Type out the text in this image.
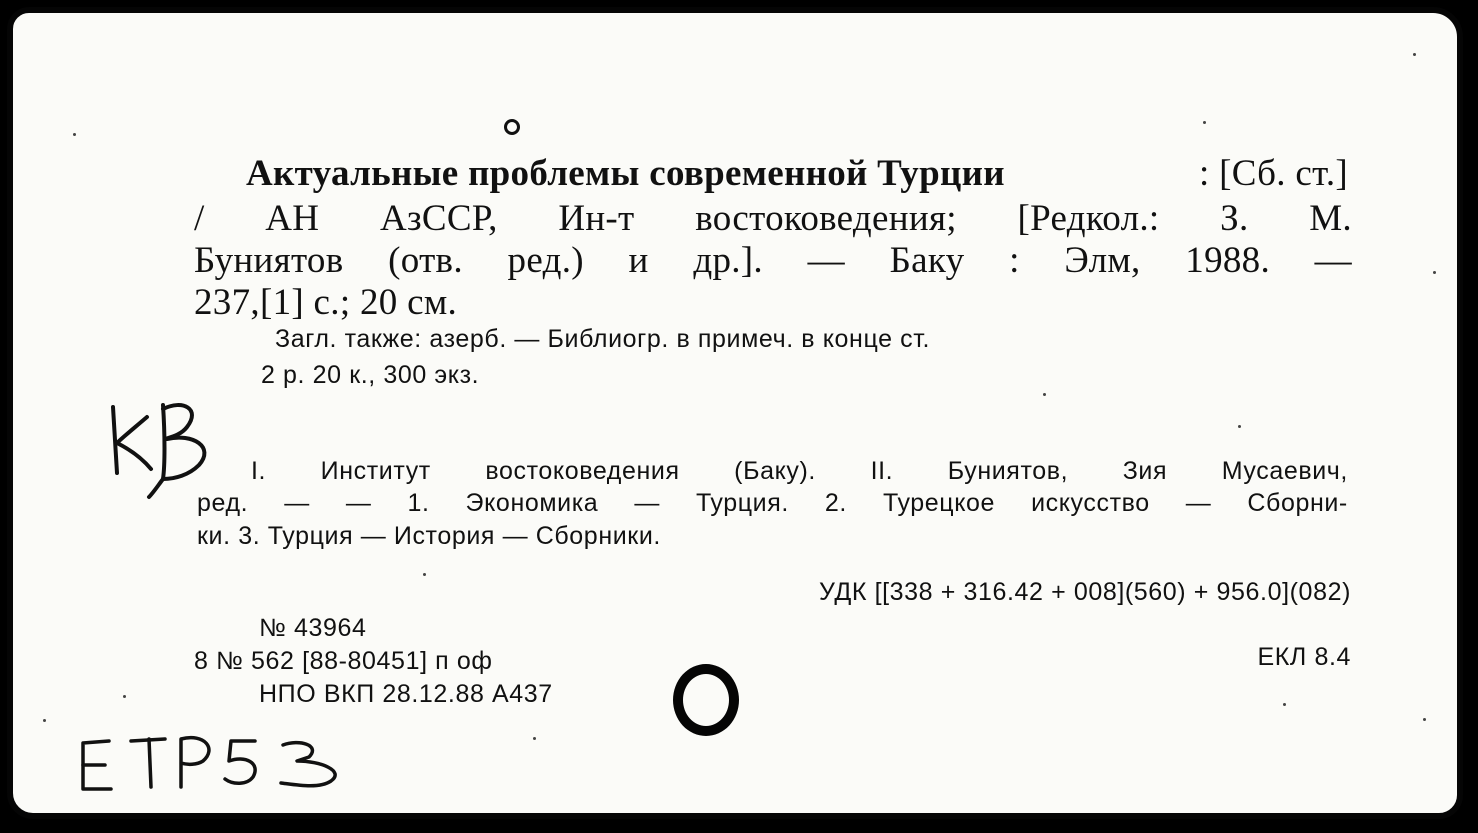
Актуальные проблемы современной Турции	: [Сб. ст.]
/ АН АзССР, Ин-т востоковедения; [Редкол.: З. М.
Буниятов (отв. ред.) и др.]. — Баку : Элм, 1988. —
237,[1] с.; 20 см.
Загл. также: азерб. — Библиогр. в примеч. в конце ст.
2 р. 20 к., 300 экз.
I. Институт востоковедения (Баку). II. Буниятов, Зия Мусаевич,
ред. — — 1. Экономика — Турция. 2. Турецкое искусство — Сборни-
ки. 3. Турция — История — Сборники.
УДК [[338 + 316.42 + 008](560) + 956.0](082)
№ 43964
8 № 562 [88-80451] п оф	ЕКЛ 8.4
НПО ВКП 28.12.88 А437
